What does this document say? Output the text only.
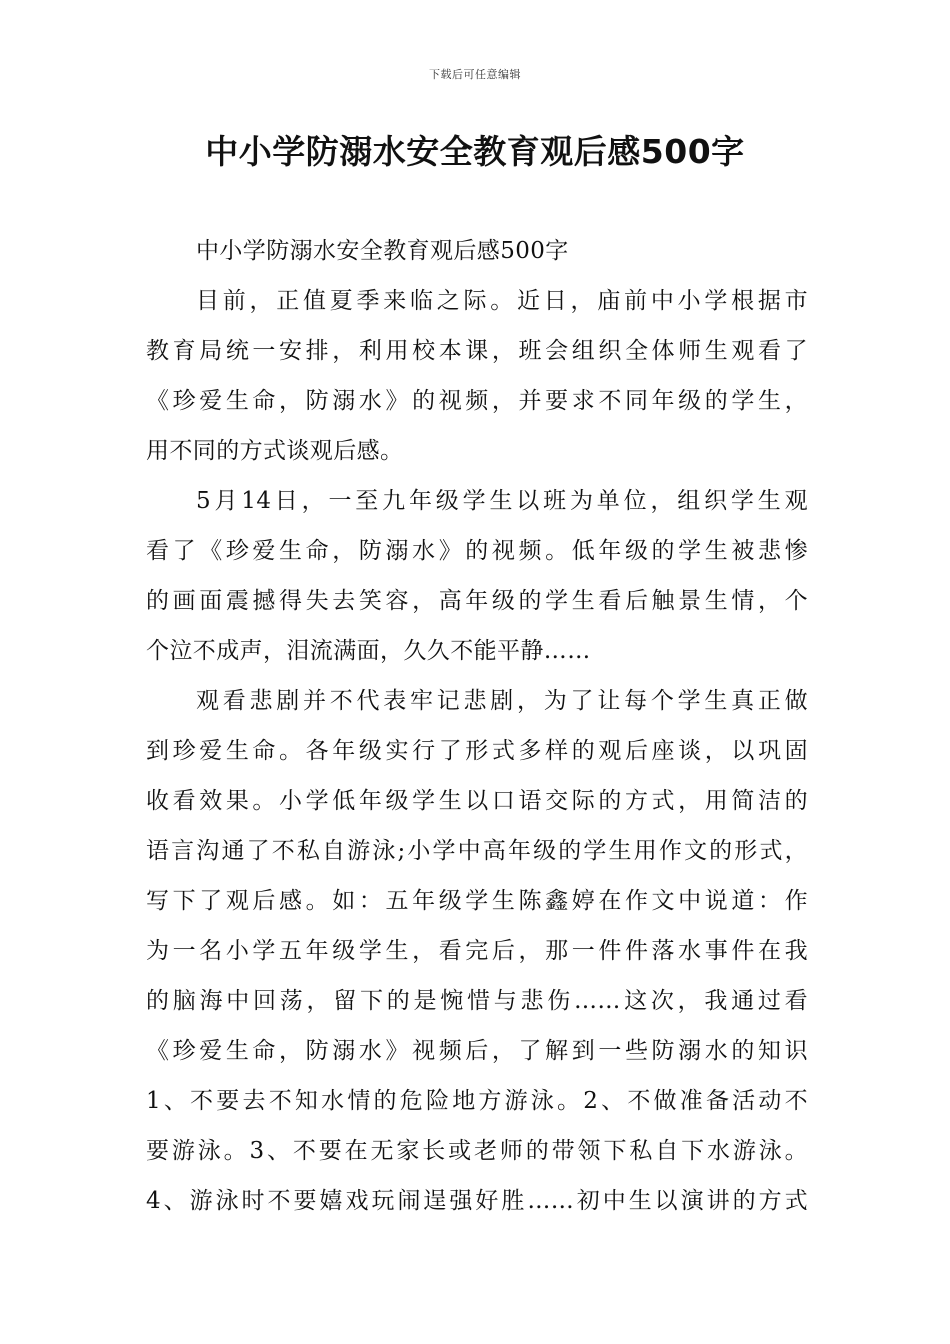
下载后可任意编辑
中小学防溺水安全教育观后感500字
中小学防溺水安全教育观后感500字
目前，正值夏季来临之际。近日，庙前中小学根据市
教育局统一安排，利用校本课，班会组织全体师生观看了
《珍爱生命，防溺水》的视频，并要求不同年级的学生，
用不同的方式谈观后感。
5月14日，一至九年级学生以班为单位，组织学生观
看了《珍爱生命，防溺水》的视频。低年级的学生被悲惨
的画面震撼得失去笑容，高年级的学生看后触景生情，个
个泣不成声，泪流满面，久久不能平静……
观看悲剧并不代表牢记悲剧，为了让每个学生真正做
到珍爱生命。各年级实行了形式多样的观后座谈，以巩固
收看效果。小学低年级学生以口语交际的方式，用简洁的
语言沟通了不私自游泳;小学中高年级的学生用作文的形式，
写下了观后感。如：五年级学生陈鑫婷在作文中说道：作
为一名小学五年级学生，看完后，那一件件落水事件在我
的脑海中回荡，留下的是惋惜与悲伤……这次，我通过看
《珍爱生命，防溺水》视频后，了解到一些防溺水的知识
1、不要去不知水情的危险地方游泳。2、不做准备活动不
要游泳。3、不要在无家长或老师的带领下私自下水游泳。
4、游泳时不要嬉戏玩闹逞强好胜……初中生以演讲的方式
